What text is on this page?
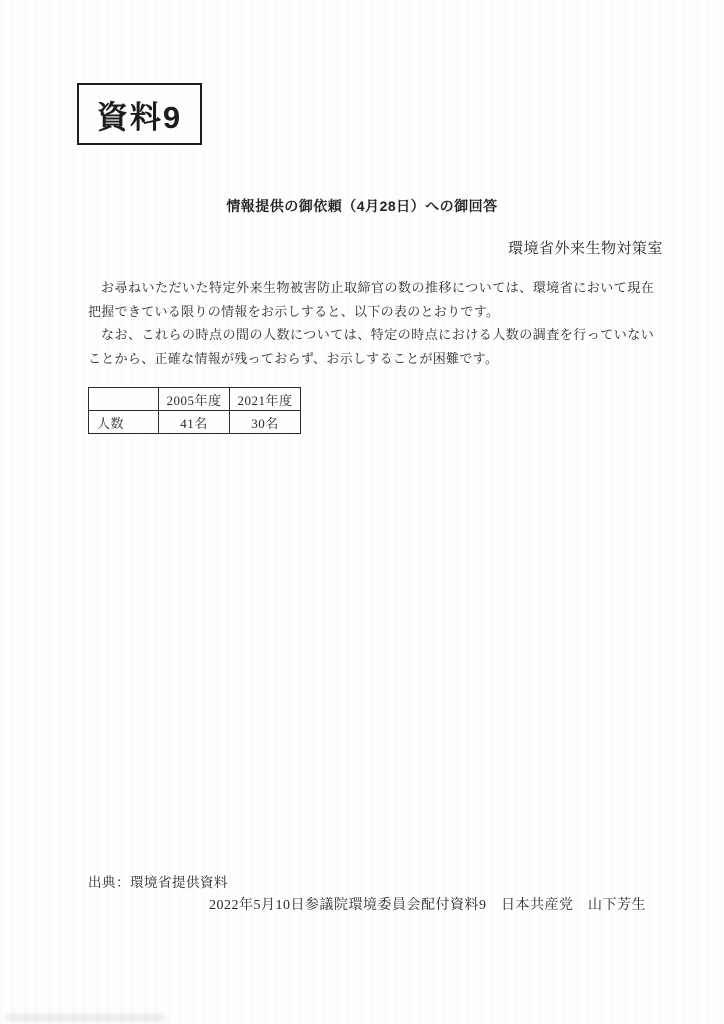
資料9
情報提供の御依頼（4月28日）への御回答
環境省外来生物対策室

お尋ねいただいた特定外来生物被害防止取締官の数の推移については、環境省において現在把握できている限りの情報をお示しすると、以下の表のとおりです。

なお、これらの時点の間の人数については、特定の時点における人数の調査を行っていないことから、正確な情報が残っておらず、お示しすることが困難です。

	2005年度	2021年度
人数	41名	30名
出典：環境省提供資料
2022年5月10日参議院環境委員会配付資料9　日本共産党　山下芳生
